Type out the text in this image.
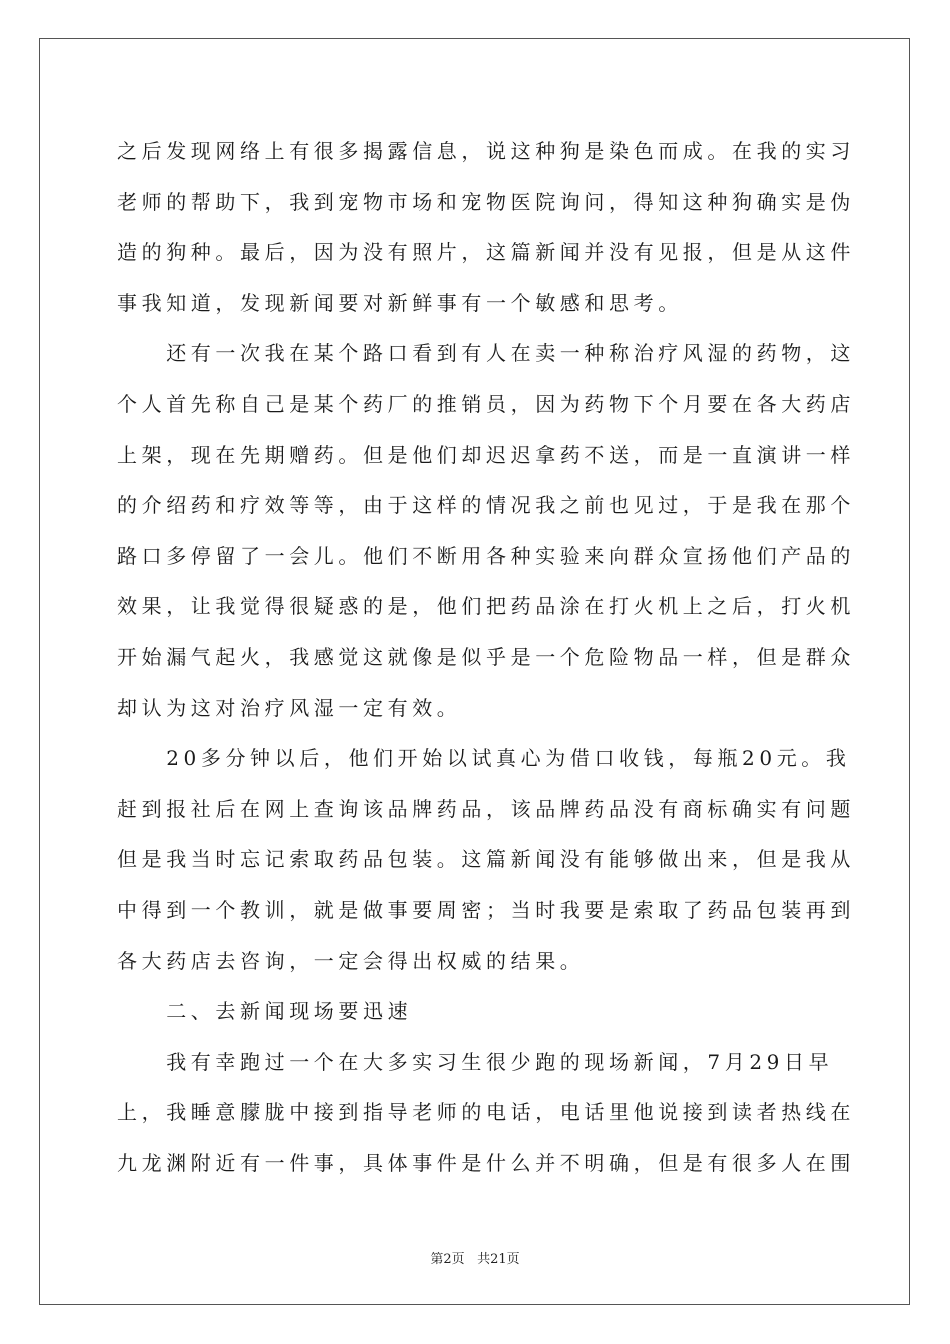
之后发现网络上有很多揭露信息，说这种狗是染色而成。在我的实习
老师的帮助下，我到宠物市场和宠物医院询问，得知这种狗确实是伪
造的狗种。最后，因为没有照片，这篇新闻并没有见报，但是从这件
事我知道，发现新闻要对新鲜事有一个敏感和思考。
　　还有一次我在某个路口看到有人在卖一种称治疗风湿的药物，这
个人首先称自己是某个药厂的推销员，因为药物下个月要在各大药店
上架，现在先期赠药。但是他们却迟迟拿药不送，而是一直演讲一样
的介绍药和疗效等等，由于这样的情况我之前也见过，于是我在那个
路口多停留了一会儿。他们不断用各种实验来向群众宣扬他们产品的
效果，让我觉得很疑惑的是，他们把药品涂在打火机上之后，打火机
开始漏气起火，我感觉这就像是似乎是一个危险物品一样，但是群众
却认为这对治疗风湿一定有效。
　　20多分钟以后，他们开始以试真心为借口收钱，每瓶20元。我
赶到报社后在网上查询该品牌药品，该品牌药品没有商标确实有问题
但是我当时忘记索取药品包装。这篇新闻没有能够做出来，但是我从
中得到一个教训，就是做事要周密；当时我要是索取了药品包装再到
各大药店去咨询，一定会得出权威的结果。
　　二、去新闻现场要迅速
　　我有幸跑过一个在大多实习生很少跑的现场新闻，7月29日早
上，我睡意朦胧中接到指导老师的电话，电话里他说接到读者热线在
九龙渊附近有一件事，具体事件是什么并不明确，但是有很多人在围
第2页 共21页
